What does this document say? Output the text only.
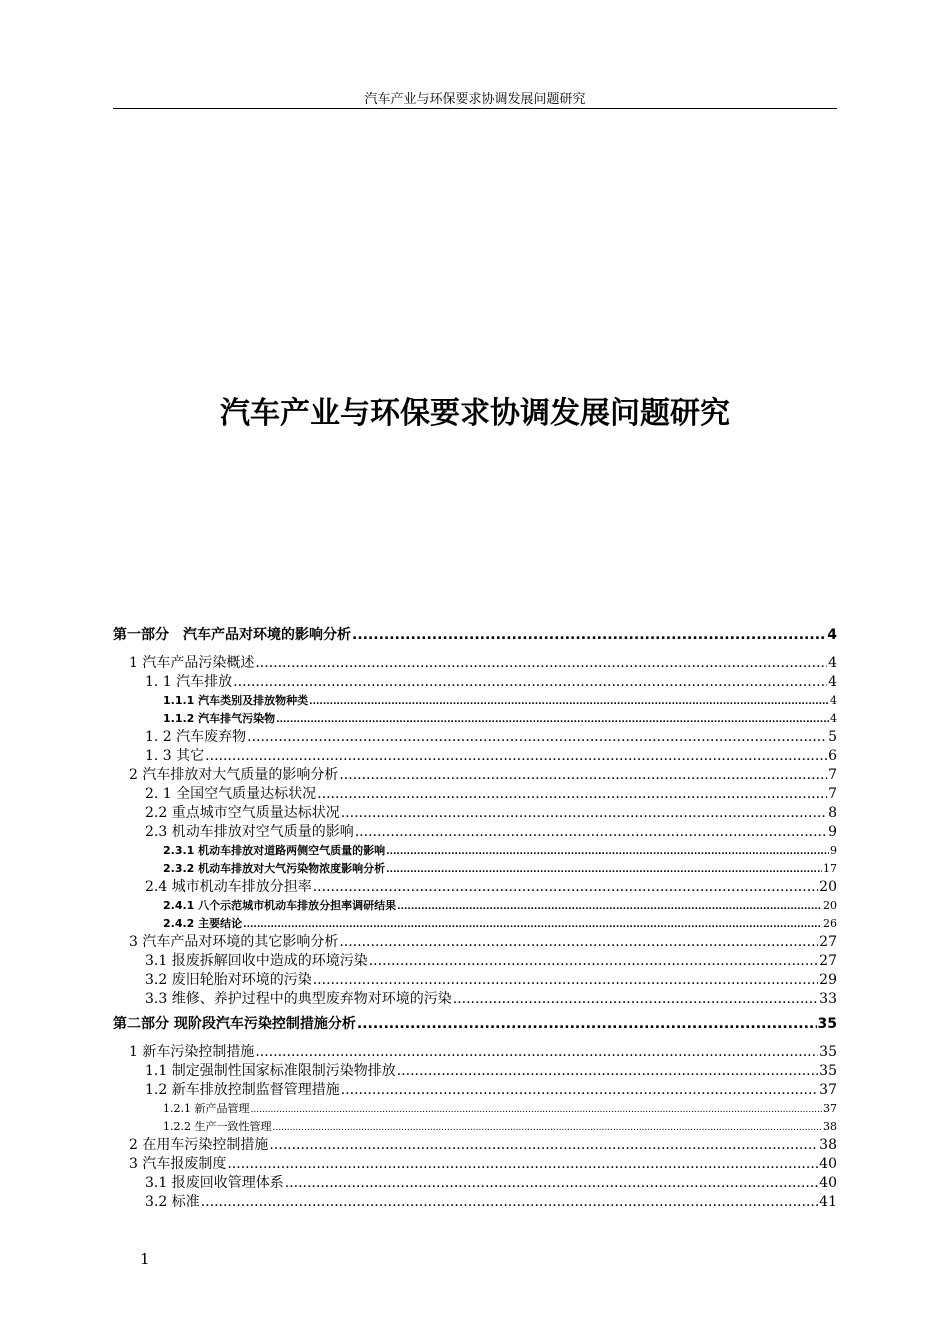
汽车产业与环保要求协调发展问题研究
汽车产业与环保要求协调发展问题研究
第一部分　汽车产品对环境的影响分析 .....	4
1 汽车产品污染概述 .....	4
1. 1 汽车排放 .....	4
1.1.1 汽车类别及排放物种类 .....	4
1.1.2 汽车排气污染物 .....	4
1. 2 汽车废弃物 .....	5
1. 3 其它 .....	6
2 汽车排放对大气质量的影响分析 .....	7
2. 1 全国空气质量达标状况 .....	7
2.2 重点城市空气质量达标状况 .....	8
2.3 机动车排放对空气质量的影响 .....	9
2.3.1 机动车排放对道路两侧空气质量的影响 .....	9
2.3.2 机动车排放对大气污染物浓度影响分析 .....	17
2.4 城市机动车排放分担率 .....	20
2.4.1 八个示范城市机动车排放分担率调研结果 .....	20
2.4.2 主要结论 .....	26
3 汽车产品对环境的其它影响分析 .....	27
3.1 报废拆解回收中造成的环境污染 .....	27
3.2 废旧轮胎对环境的污染 .....	29
3.3 维修、养护过程中的典型废弃物对环境的污染 .....	33
第二部分 现阶段汽车污染控制措施分析 .....	35
1 新车污染控制措施 .....	35
1.1 制定强制性国家标准限制污染物排放 .....	35
1.2 新车排放控制监督管理措施 .....	37
1.2.1 新产品管理 .....	37
1.2.2 生产一致性管理 .....	38
2 在用车污染控制措施 .....	38
3 汽车报废制度 .....	40
3.1 报废回收管理体系 .....	40
3.2 标准 .....	41
1
